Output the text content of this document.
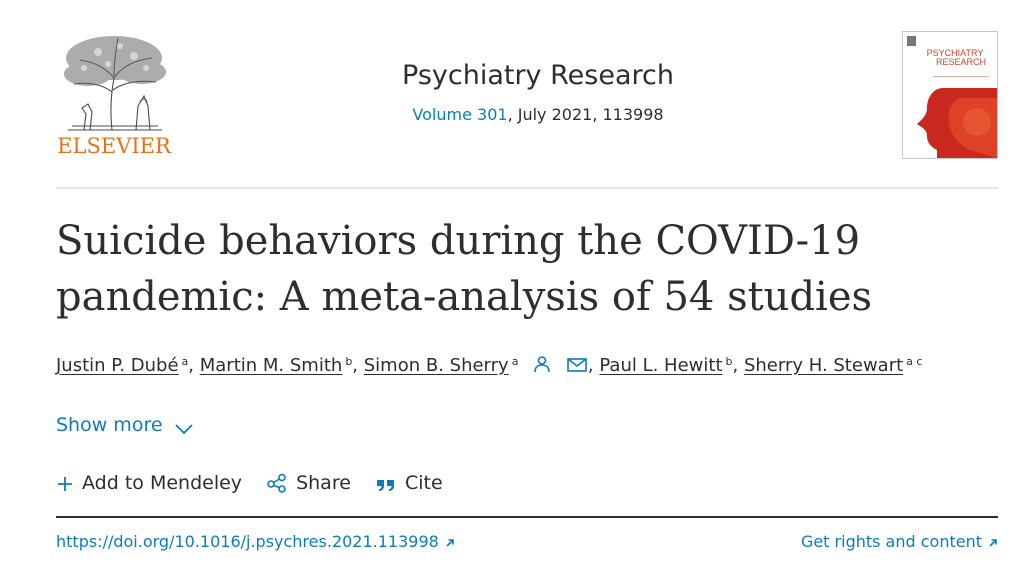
ELSEVIER
Psychiatry Research
Volume 301, July 2021, 113998
PSYCHIATRY
RESEARCH
Suicide behaviors during the COVID-19
pandemic: A meta-analysis of 54 studies
Justin P. Dubé $^a$, Martin M. Smith $^b$, Simon B. Sherry $^a$	, Paul L. Hewitt $^b$, Sherry H. Stewart $^{a c}$
Show more
Add to Mendeley	Share	Cite
https://doi.org/10.1016/j.psychres.2021.113998	Get rights and content
